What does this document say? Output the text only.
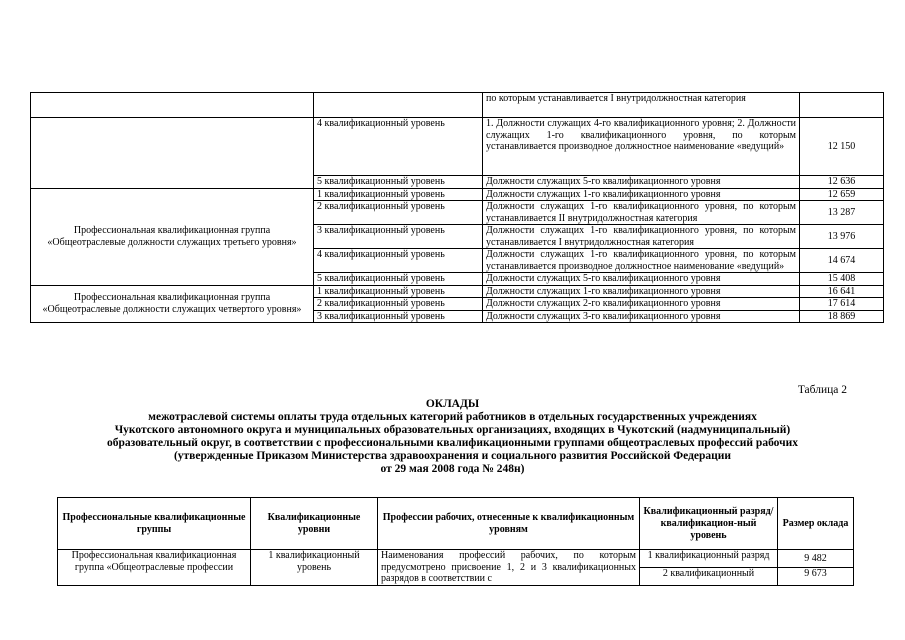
		по которым устанавливается I внутридолжностная категория	
	4 квалификационный уровень	1. Должности служащих 4-го квалификационного уровня; 2. Должности служащих 1-го квалификационного уровня, по которым устанавливается производное должностное наименование «ведущий»	12 150
	5 квалификационный уровень	Должности служащих 5-го квалификационного уровня	12 636
Профессиональная квалификационная группа «Общеотраслевые должности служащих третьего уровня»	1 квалификационный уровень	Должности служащих 1-го квалификационного уровня	12 659
	2 квалификационный уровень	Должности служащих 1-го квалификационного уровня, по которым устанавливается II внутридолжностная категория	13 287
	3 квалификационный уровень	Должности служащих 1-го квалификационного уровня, по которым устанавливается I внутридолжностная категория	13 976
	4 квалификационный уровень	Должности служащих 1-го квалификационного уровня, по которым устанавливается производное должностное наименование «ведущий»	14 674
	5 квалификационный уровень	Должности служащих 5-го квалификационного уровня	15 408
Профессиональная квалификационная группа «Общеотраслевые должности служащих четвертого уровня»	1 квалификационный уровень	Должности служащих 1-го квалификационного уровня	16 641
	2 квалификационный уровень	Должности служащих 2-го квалификационного уровня	17 614
	3 квалификационный уровень	Должности служащих 3-го квалификационного уровня	18 869
Таблица 2
ОКЛАДЫ
межотраслевой системы оплаты труда отдельных категорий работников в отдельных государственных учреждениях
Чукотского автономного округа и муниципальных образовательных организациях, входящих в Чукотский (надмуниципальный)
образовательный округ, в соответствии с профессиональными квалификационными группами общеотраслевых профессий рабочих
(утвержденные Приказом Министерства здравоохранения и социального развития Российской Федерации
от 29 мая 2008 года № 248н)
Профессиональные квалификационные группы	Квалификационные уровни	Профессии рабочих, отнесенные к квалификационным уровням	Квалификационный разряд/квалификацион-ный уровень	Размер оклада
Профессиональная квалификационная группа «Общеотраслевые профессии	1 квалификационный уровень	Наименования профессий рабочих, по которым предусмотрено присвоение 1, 2 и 3 квалификационных разрядов в соответствии с	1 квалификационный разряд	9 482
			2 квалификационный	9 673
